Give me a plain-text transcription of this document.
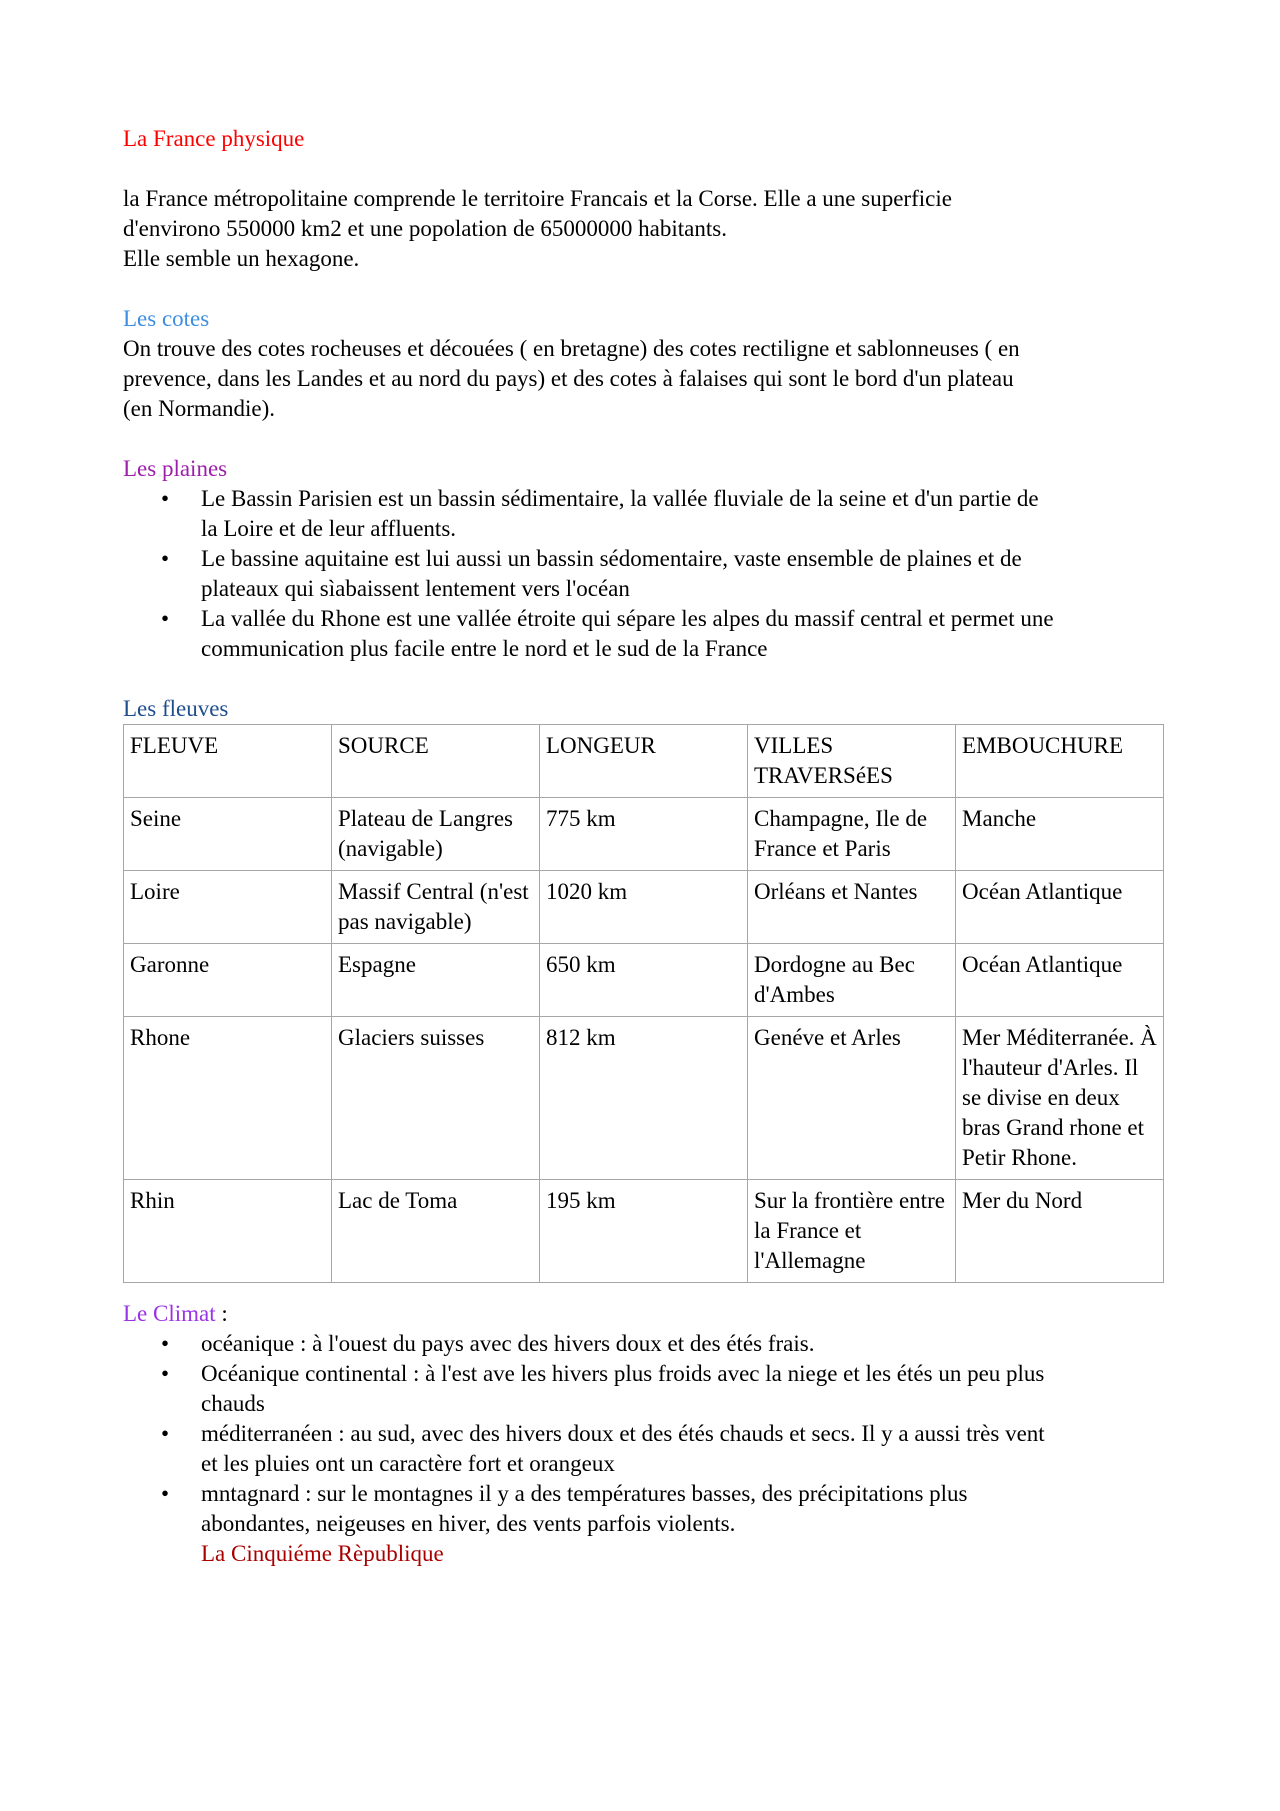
La France physique

la France métropolitaine comprende le territoire Francais et la Corse. Elle a une superficie

d'environo 550000 km2 et une popolation de 65000000 habitants.

Elle semble un hexagone.

Les cotes

On trouve des cotes rocheuses et découées ( en bretagne) des cotes rectiligne et sablonneuses ( en

prevence, dans les Landes et au nord du pays) et des cotes à falaises qui sont le bord d'un plateau

(en Normandie).

Les plaines
• Le Bassin Parisien est un bassin sédimentaire, la vallée fluviale de la seine et d'un partie de
la Loire et de leur affluents.
• Le bassine aquitaine est lui aussi un bassin sédomentaire, vaste ensemble de plaines et de
plateaux qui sìabaissent lentement vers l'océan
• La vallée du Rhone est une vallée étroite qui sépare les alpes du massif central et permet une
communication plus facile entre le nord et le sud de la France
Les fleuves
FLEUVE	SOURCE	LONGEUR	VILLES TRAVERSéES	EMBOUCHURE
Seine	Plateau de Langres (navigable)	775 km	Champagne, Ile de France et Paris	Manche
Loire	Massif Central (n'est pas navigable)	1020 km	Orléans et Nantes	Océan Atlantique
Garonne	Espagne	650 km	Dordogne au Bec d'Ambes	Océan Atlantique
Rhone	Glaciers suisses	812 km	Genéve et Arles	Mer Méditerranée. À l'hauteur d'Arles. Il se divise en deux bras Grand rhone et Petir Rhone.
Rhin	Lac de Toma	195 km	Sur la frontière entre la France et l'Allemagne	Mer du Nord
Le Climat :
• océanique : à l'ouest du pays avec des hivers doux et des étés frais.
• Océanique continental : à l'est ave les hivers plus froids avec la niege et les étés un peu plus
chauds
• méditerranéen : au sud, avec des hivers doux et des étés chauds et secs. Il y a aussi très vent
et les pluies ont un caractère fort et orangeux
• mntagnard : sur le montagnes il y a des températures basses, des précipitations plus
abondantes, neigeuses en hiver, des vents parfois violents.
La Cinquiéme Rèpublique
